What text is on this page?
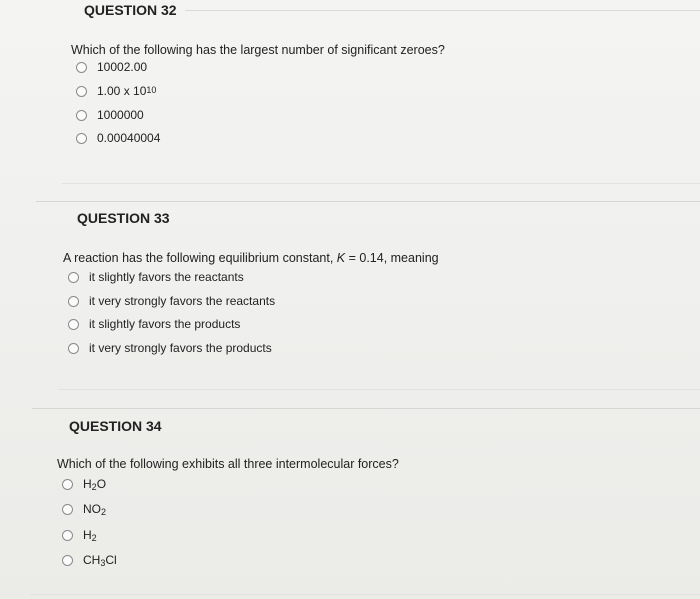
QUESTION 32
Which of the following has the largest number of significant zeroes?
10002.00
1.00 x $10^{10}$
1000000
0.00040004
QUESTION 33
A reaction has the following equilibrium constant, K = 0.14, meaning
it slightly favors the reactants
it very strongly favors the reactants
it slightly favors the products
it very strongly favors the products
QUESTION 34
Which of the following exhibits all three intermolecular forces?
$H_2O$
$NO_2$
$H_2$
$CH_3Cl$
